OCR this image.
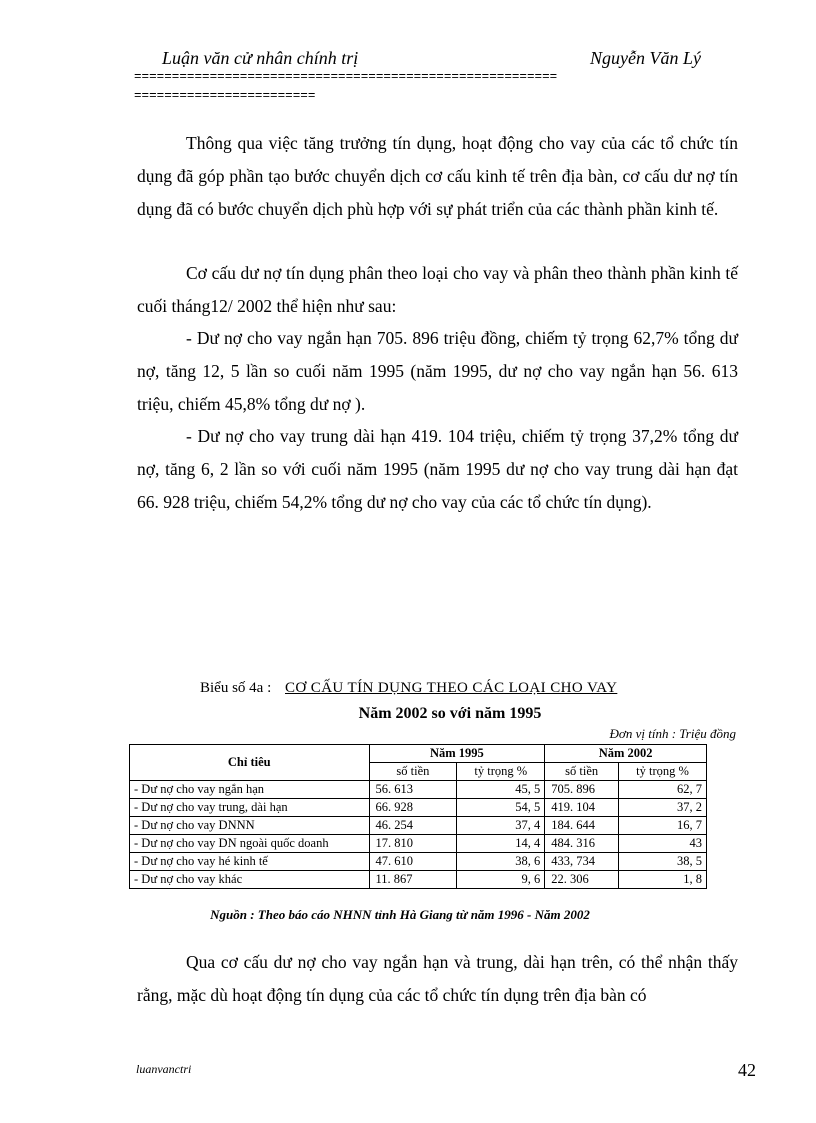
Luận văn cử nhân chính trị	Nguyễn Văn Lý
========================================================
========================

Thông qua việc tăng trưởng tín dụng, hoạt động cho vay của các tổ chức tín dụng đã góp phần tạo bước chuyển dịch cơ cấu kinh tế trên địa bàn, cơ cấu dư nợ tín dụng đã có bước chuyển dịch phù hợp với sự phát triển của các thành phần kinh tế.

Cơ cấu dư nợ tín dụng phân theo loại cho vay và phân theo thành phần kinh tế cuối tháng12/ 2002 thể hiện như sau:

- Dư nợ cho vay ngắn hạn 705. 896 triệu đồng, chiếm tỷ trọng 62,7% tổng dư nợ, tăng 12, 5 lần so cuối năm 1995 (năm 1995, dư nợ cho vay ngắn hạn 56. 613 triệu, chiếm 45,8% tổng dư nợ ).

- Dư nợ cho vay trung dài hạn 419. 104 triệu, chiếm tỷ trọng 37,2% tổng dư nợ, tăng 6, 2 lần so với cuối năm 1995 (năm 1995 dư nợ cho vay trung dài hạn đạt 66. 928 triệu, chiếm 54,2% tổng dư nợ cho vay của các tổ chức tín dụng).

Biểu số 4a : CƠ CẤU TÍN DỤNG THEO CÁC LOẠI CHO VAY
Năm 2002 so với năm 1995
Đơn vị tính : Triệu đồng
Chỉ tiêu	Năm 1995		Năm 2002	
	số tiền	tỷ trọng %	số tiền	tỷ trọng %
- Dư nợ cho vay ngắn hạn	56. 613	45, 5	705. 896	62, 7
- Dư nợ cho vay trung, dài hạn	66. 928	54, 5	419. 104	37, 2
- Dư nợ cho vay DNNN	46. 254	37, 4	184. 644	16, 7
- Dư nợ cho vay DN ngoài quốc doanh	17. 810	14, 4	484. 316	43
- Dư nợ cho vay hé kinh tế	47. 610	38, 6	433, 734	38, 5
- Dư nợ cho vay khác	11. 867	9, 6	22. 306	1, 8
Nguồn : Theo báo cáo NHNN tỉnh Hà Giang từ năm 1996 - Năm 2002

Qua cơ cấu dư nợ cho vay ngắn hạn và trung, dài hạn trên, có thể nhận thấy rằng, mặc dù hoạt động tín dụng của các tổ chức tín dụng trên địa bàn có

luanvanctri	42
